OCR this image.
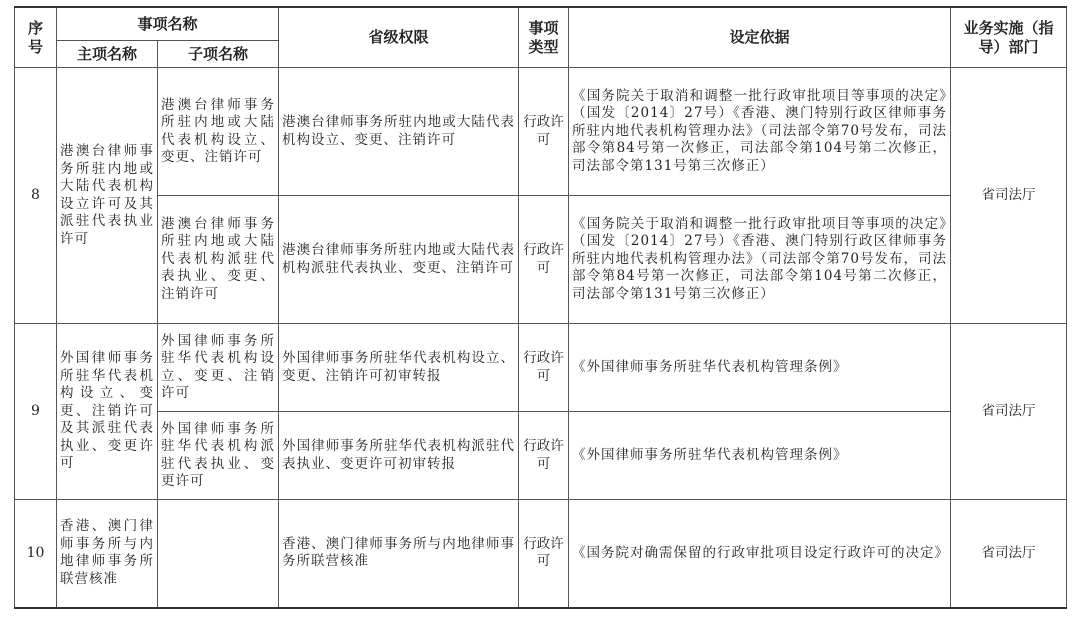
序号	事项名称		省级权限	事项类型	设定依据	业务实施（指导）部门
	主项名称	子项名称				
8	港澳台律师事务所驻内地或大陆代表机构设立许可及其派驻代表执业许可	港澳台律师事务所驻内地或大陆代表机构设立、变更、注销许可	港澳台律师事务所驻内地或大陆代表机构设立、变更、注销许可	行政许可	《国务院关于取消和调整一批行政审批项目等事项的决定》（国发〔2014〕27号）《香港、澳门特别行政区律师事务所驻内地代表机构管理办法》（司法部令第70号发布，司法部令第84号第一次修正，司法部令第104号第二次修正，司法部令第131号第三次修正）	省司法厅
		港澳台律师事务所驻内地或大陆代表机构派驻代表执业、变更、注销许可	港澳台律师事务所驻内地或大陆代表机构派驻代表执业、变更、注销许可	行政许可	《国务院关于取消和调整一批行政审批项目等事项的决定》（国发〔2014〕27号）《香港、澳门特别行政区律师事务所驻内地代表机构管理办法》（司法部令第70号发布，司法部令第84号第一次修正，司法部令第104号第二次修正，司法部令第131号第三次修正）	
9	外国律师事务所驻华代表机构设立、变更、注销许可及其派驻代表执业、变更许可	外国律师事务所驻华代表机构设立、变更、注销许可	外国律师事务所驻华代表机构设立、变更、注销许可初审转报	行政许可	《外国律师事务所驻华代表机构管理条例》	省司法厅
		外国律师事务所驻华代表机构派驻代表执业、变更许可	外国律师事务所驻华代表机构派驻代表执业、变更许可初审转报	行政许可	《外国律师事务所驻华代表机构管理条例》	
10	香港、澳门律师事务所与内地律师事务所联营核准		香港、澳门律师事务所与内地律师事务所联营核准	行政许可	《国务院对确需保留的行政审批项目设定行政许可的决定》	省司法厅
